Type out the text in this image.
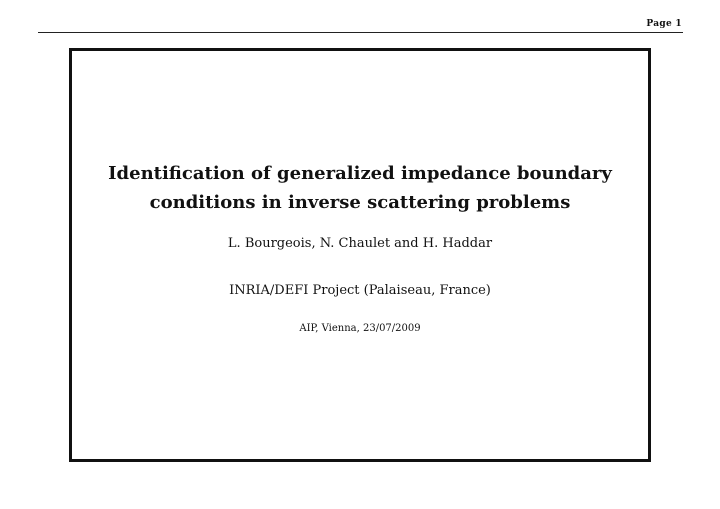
Page 1
Identification of generalized impedance boundary
conditions in inverse scattering problems
L. Bourgeois, N. Chaulet and H. Haddar
INRIA/DEFI Project (Palaiseau, France)
AIP, Vienna, 23/07/2009
